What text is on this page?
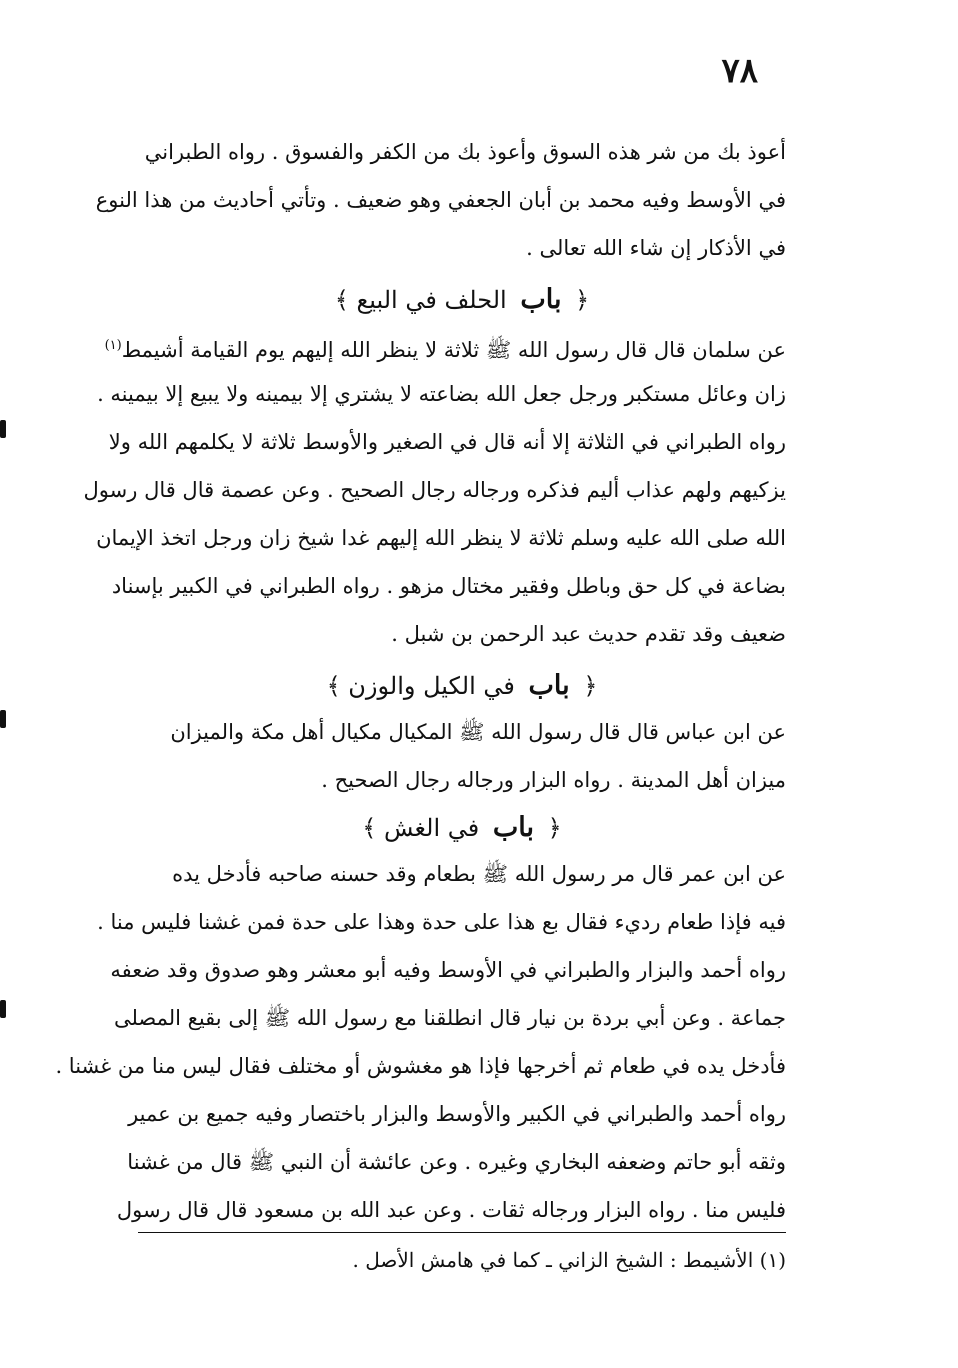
٧٨
أعوذ بك من شر هذه السوق وأعوذ بك من الكفر والفسوق . رواه الطبراني
في الأوسط وفيه محمد بن أبان الجعفي وهو ضعيف . وتأتي أحاديث من هذا النوع
في الأذكار إن شاء الله تعالى .
﴿ باب الحلف في البيع ﴾
عن سلمان قال قال رسول الله ﷺ ثلاثة لا ينظر الله إليهم يوم القيامة أشيمط$^{(١)}$
زان وعائل مستكبر ورجل جعل الله بضاعته لا يشتري إلا بيمينه ولا يبيع إلا بيمينه .
رواه الطبراني في الثلاثة إلا أنه قال في الصغير والأوسط ثلاثة لا يكلمهم الله ولا
يزكيهم ولهم عذاب أليم فذكره ورجاله رجال الصحيح . وعن عصمة قال قال رسول
الله صلى الله عليه وسلم ثلاثة لا ينظر الله إليهم غدا شيخ زان ورجل اتخذ الإيمان
بضاعة في كل حق وباطل وفقير مختال مزهو . رواه الطبراني في الكبير بإسناد
ضعيف وقد تقدم حديث عبد الرحمن بن شبل .
﴿ باب في الكيل والوزن ﴾
عن ابن عباس قال قال رسول الله ﷺ المكيال مكيال أهل مكة والميزان
ميزان أهل المدينة . رواه البزار ورجاله رجال الصحيح .
﴿ باب في الغش ﴾
عن ابن عمر قال مر رسول الله ﷺ بطعام وقد حسنه صاحبه فأدخل يده
فيه فإذا طعام رديء فقال بع هذا على حدة وهذا على حدة فمن غشنا فليس منا .
رواه أحمد والبزار والطبراني في الأوسط وفيه أبو معشر وهو صدوق وقد ضعفه
جماعة . وعن أبي بردة بن نيار قال انطلقنا مع رسول الله ﷺ إلى بقيع المصلى
فأدخل يده في طعام ثم أخرجها فإذا هو مغشوش أو مختلف فقال ليس منا من غشنا .
رواه أحمد والطبراني في الكبير والأوسط والبزار باختصار وفيه جميع بن عمير
وثقه أبو حاتم وضعفه البخاري وغيره . وعن عائشة أن النبي ﷺ قال من غشنا
فليس منا . رواه البزار ورجاله ثقات . وعن عبد الله بن مسعود قال قال رسول
(١) الأشيمط : الشيخ الزاني ـ كما في هامش الأصل .
